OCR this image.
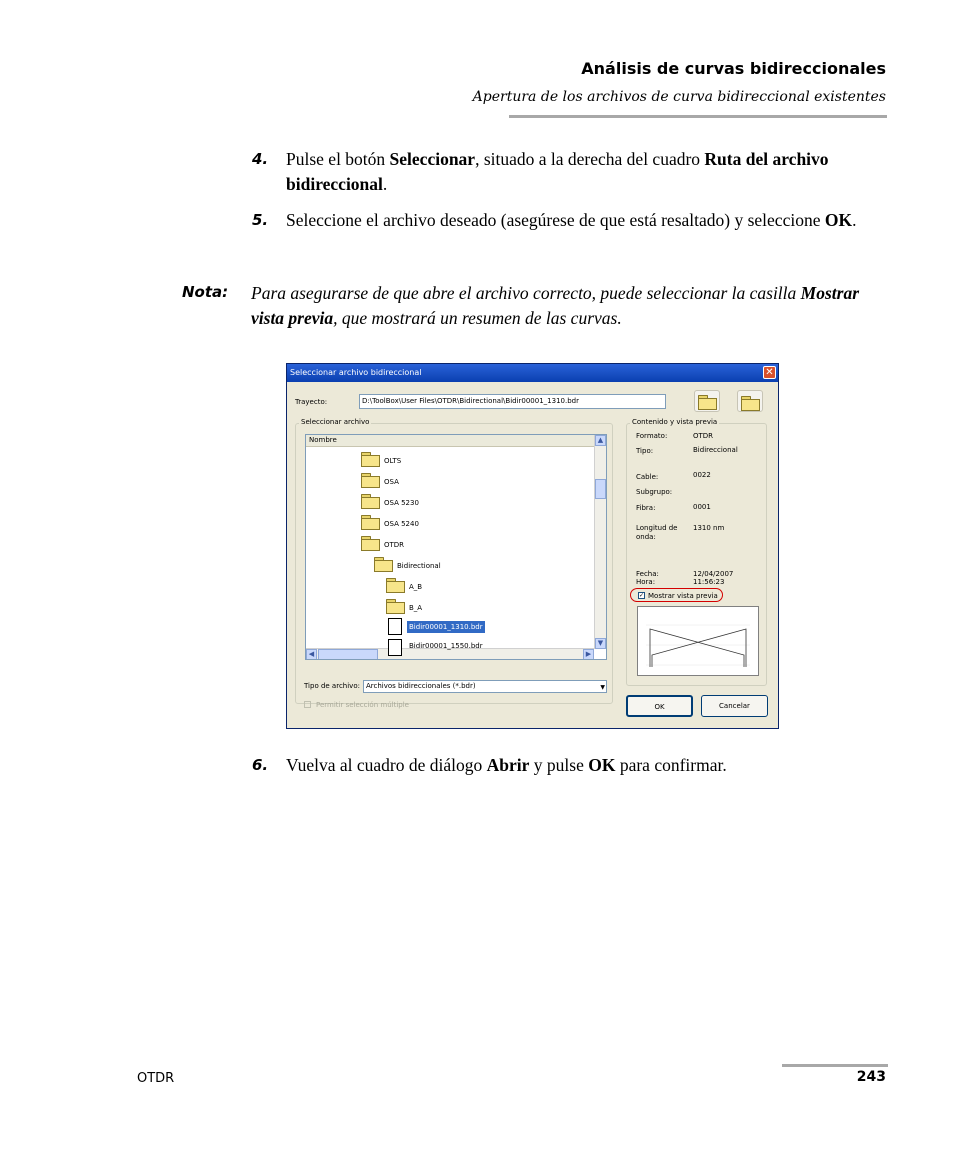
Análisis de curvas bidireccionales
Apertura de los archivos de curva bidireccional existentes
4. Pulse el botón Seleccionar, situado a la derecha del cuadro Ruta del archivo bidireccional.
5. Seleccione el archivo deseado (asegúrese de que está resaltado) y seleccione OK.
Nota: Para asegurarse de que abre el archivo correcto, puede seleccionar la casilla Mostrar vista previa, que mostrará un resumen de las curvas.
Seleccionar archivo bidireccional	✕
Trayecto:	D:\ToolBox\User Files\OTDR\Bidirectional\Bidir00001_1310.bdr
Seleccionar archivo
Nombre	▲
▼
◀	▶
OLTS
OSA
OSA 5230
OSA 5240
OTDR
Bidirectional
A_B
B_A
Bidir00001_1310.bdr
Bidir00001_1550.bdr
Tipo de archivo: Archivos bidireccionales (*.bdr)	▼
Permitir selección múltiple
Contenido y vista previa
Formato:	OTDR
Tipo:	Bidireccional
Cable:	0022
Subgrupo:
Fibra:	0001
Longitud de onda:
1310 nm
Fecha:	12/04/2007
Hora:	11:56:23
✓ Mostrar vista previa
OK	Cancelar
6. Vuelva al cuadro de diálogo Abrir y pulse OK para confirmar.
OTDR	243
